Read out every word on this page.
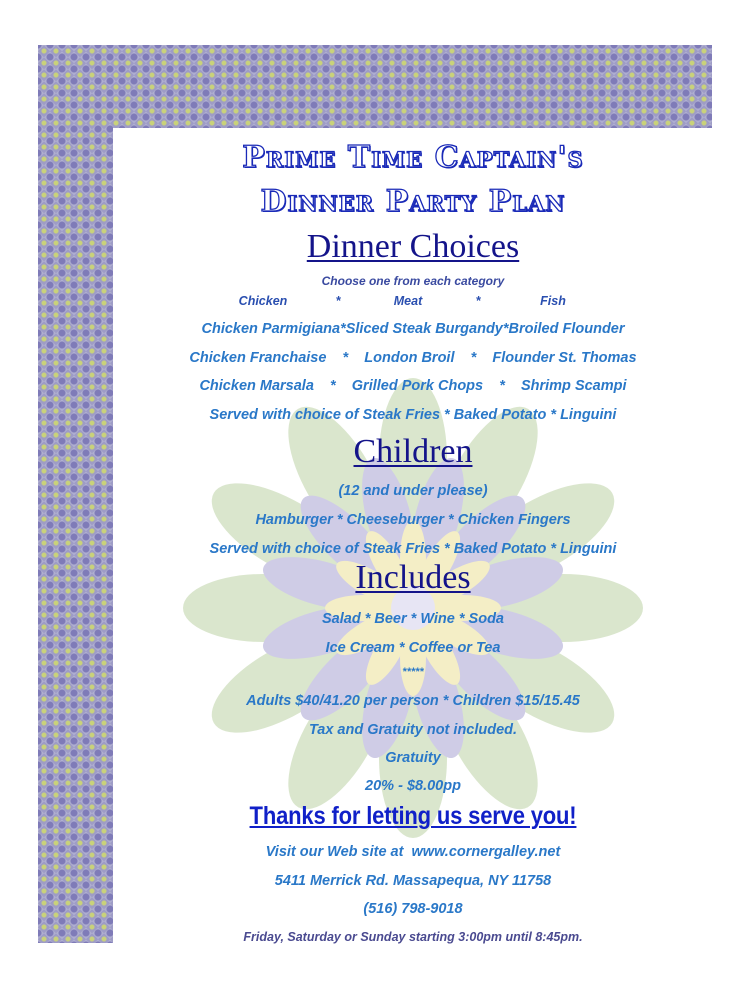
Prime Time Captain's
Dinner Party Plan
Dinner Choices
Choose one from each category
Chicken	*	Meat	*	Fish
Chicken Parmigiana*Sliced Steak Burgandy*Broiled Flounder
Chicken Franchaise    *    London Broil    *    Flounder St. Thomas
Chicken Marsala    *    Grilled Pork Chops    *    Shrimp Scampi
Served with choice of Steak Fries * Baked Potato * Linguini
Children
(12 and under please)
Hamburger * Cheeseburger * Chicken Fingers
Served with choice of Steak Fries * Baked Potato * Linguini
Includes
Salad * Beer * Wine * Soda
Ice Cream * Coffee or Tea
*****
Adults $40/41.20 per person * Children $15/15.45
Tax and Gratuity not included.
Gratuity
20% - $8.00pp
Thanks for letting us serve you!
Visit our Web site at  www.cornergalley.net
5411 Merrick Rd. Massapequa, NY 11758
(516) 798-9018
Friday, Saturday or Sunday starting 3:00pm until 8:45pm.
